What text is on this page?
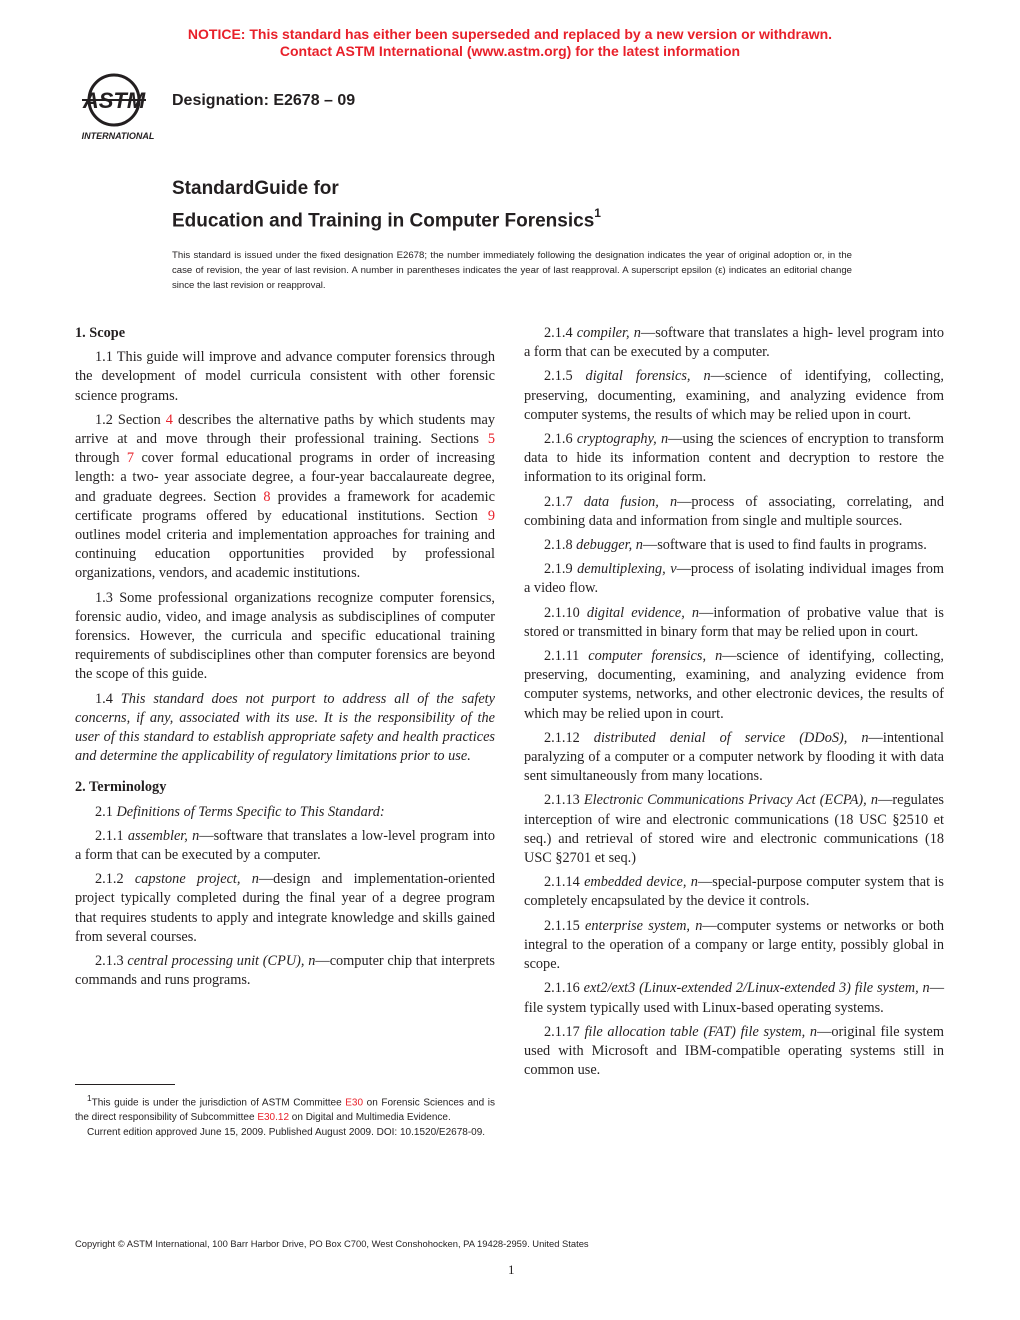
NOTICE: This standard has either been superseded and replaced by a new version or withdrawn.
Contact ASTM International (www.astm.org) for the latest information
ASTM
INTERNATIONAL
Designation: E2678 – 09
StandardGuide for
Education and Training in Computer Forensics$^1$
This standard is issued under the fixed designation E2678; the number immediately following the designation indicates the year of original adoption or, in the case of revision, the year of last revision. A number in parentheses indicates the year of last reapproval. A superscript epsilon (ε) indicates an editorial change since the last revision or reapproval.
1. Scope

1.1 This guide will improve and advance computer forensics through the development of model curricula consistent with other forensic science programs.

1.2 Section 4 describes the alternative paths by which students may arrive at and move through their professional training. Sections 5 through 7 cover formal educational programs in order of increasing length: a two- year associate degree, a four-year baccalaureate degree, and graduate degrees. Section 8 provides a framework for academic certificate programs offered by educational institutions. Section 9 outlines model criteria and implementation approaches for training and continuing education opportunities provided by professional organizations, vendors, and academic institutions.

1.3 Some professional organizations recognize computer forensics, forensic audio, video, and image analysis as subdisciplines of computer forensics. However, the curricula and specific educational training requirements of subdisciplines other than computer forensics are beyond the scope of this guide.

1.4 This standard does not purport to address all of the safety concerns, if any, associated with its use. It is the responsibility of the user of this standard to establish appropriate safety and health practices and determine the applicability of regulatory limitations prior to use.

2. Terminology

2.1 Definitions of Terms Specific to This Standard:

2.1.1 assembler, n—software that translates a low-level program into a form that can be executed by a computer.

2.1.2 capstone project, n—design and implementation-oriented project typically completed during the final year of a degree program that requires students to apply and integrate knowledge and skills gained from several courses.

2.1.3 central processing unit (CPU), n—computer chip that interprets commands and runs programs.

2.1.4 compiler, n—software that translates a high- level program into a form that can be executed by a computer.

2.1.5 digital forensics, n—science of identifying, collecting, preserving, documenting, examining, and analyzing evidence from computer systems, the results of which may be relied upon in court.

2.1.6 cryptography, n—using the sciences of encryption to transform data to hide its information content and decryption to restore the information to its original form.

2.1.7 data fusion, n—process of associating, correlating, and combining data and information from single and multiple sources.

2.1.8 debugger, n—software that is used to find faults in programs.

2.1.9 demultiplexing, v—process of isolating individual images from a video flow.

2.1.10 digital evidence, n—information of probative value that is stored or transmitted in binary form that may be relied upon in court.

2.1.11 computer forensics, n—science of identifying, collecting, preserving, documenting, examining, and analyzing evidence from computer systems, networks, and other electronic devices, the results of which may be relied upon in court.

2.1.12 distributed denial of service (DDoS), n—intentional paralyzing of a computer or a computer network by flooding it with data sent simultaneously from many locations.

2.1.13 Electronic Communications Privacy Act (ECPA), n—regulates interception of wire and electronic communications (18 USC §2510 et seq.) and retrieval of stored wire and electronic communications (18 USC §2701 et seq.)

2.1.14 embedded device, n—special-purpose computer system that is completely encapsulated by the device it controls.

2.1.15 enterprise system, n—computer systems or networks or both integral to the operation of a company or large entity, possibly global in scope.

2.1.16 ext2/ext3 (Linux-extended 2/Linux-extended 3) file system, n—file system typically used with Linux-based operating systems.

2.1.17 file allocation table (FAT) file system, n—original file system used with Microsoft and IBM-compatible operating systems still in common use.

$^1$This guide is under the jurisdiction of ASTM Committee E30 on Forensic Sciences and is the direct responsibility of Subcommittee E30.12 on Digital and Multimedia Evidence.

Current edition approved June 15, 2009. Published August 2009. DOI: 10.1520/E2678-09.

Copyright © ASTM International, 100 Barr Harbor Drive, PO Box C700, West Conshohocken, PA 19428-2959. United States
1
